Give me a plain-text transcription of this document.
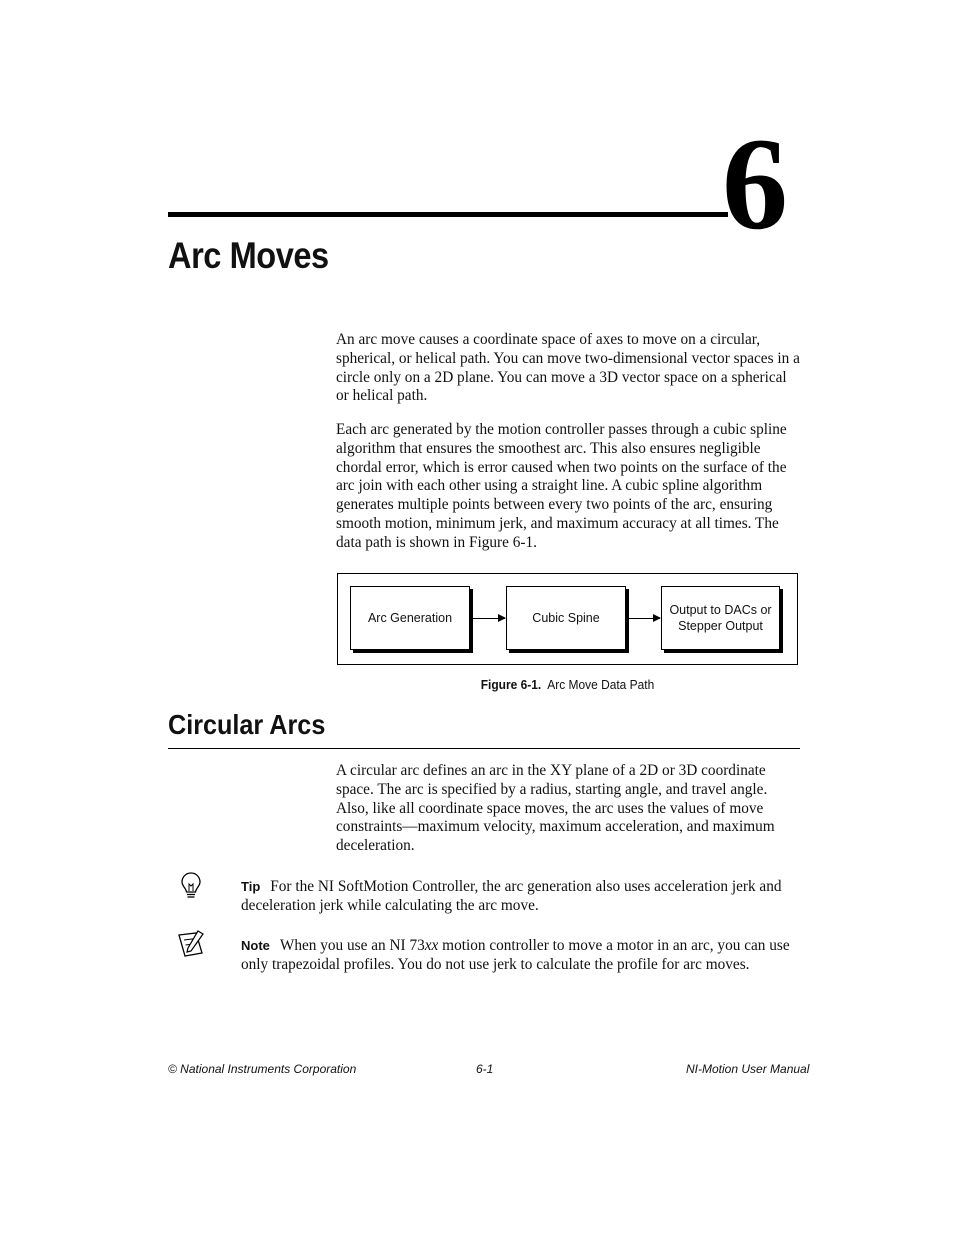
6
Arc Moves

An arc move causes a coordinate space of axes to move on a circular, spherical, or helical path. You can move two-dimensional vector spaces in a circle only on a 2D plane. You can move a 3D vector space on a spherical or helical path.

Each arc generated by the motion controller passes through a cubic spline algorithm that ensures the smoothest arc. This also ensures negligible chordal error, which is error caused when two points on the surface of the arc join with each other using a straight line. A cubic spline algorithm generates multiple points between every two points of the arc, ensuring smooth motion, minimum jerk, and maximum accuracy at all times. The data path is shown in Figure 6-1.

Arc Generation	Cubic Spine
Output to DACs or Stepper Output
Figure 6-1. Arc Move Data Path
Circular Arcs

A circular arc defines an arc in the XY plane of a 2D or 3D coordinate space. The arc is specified by a radius, starting angle, and travel angle. Also, like all coordinate space moves, the arc uses the values of move constraints—maximum velocity, maximum acceleration, and maximum deceleration.

Tip For the NI SoftMotion Controller, the arc generation also uses acceleration jerk and deceleration jerk while calculating the arc move.

Note When you use an NI 73xx motion controller to move a motor in an arc, you can use only trapezoidal profiles. You do not use jerk to calculate the profile for arc moves.

© National Instruments Corporation	6-1	NI-Motion User Manual
